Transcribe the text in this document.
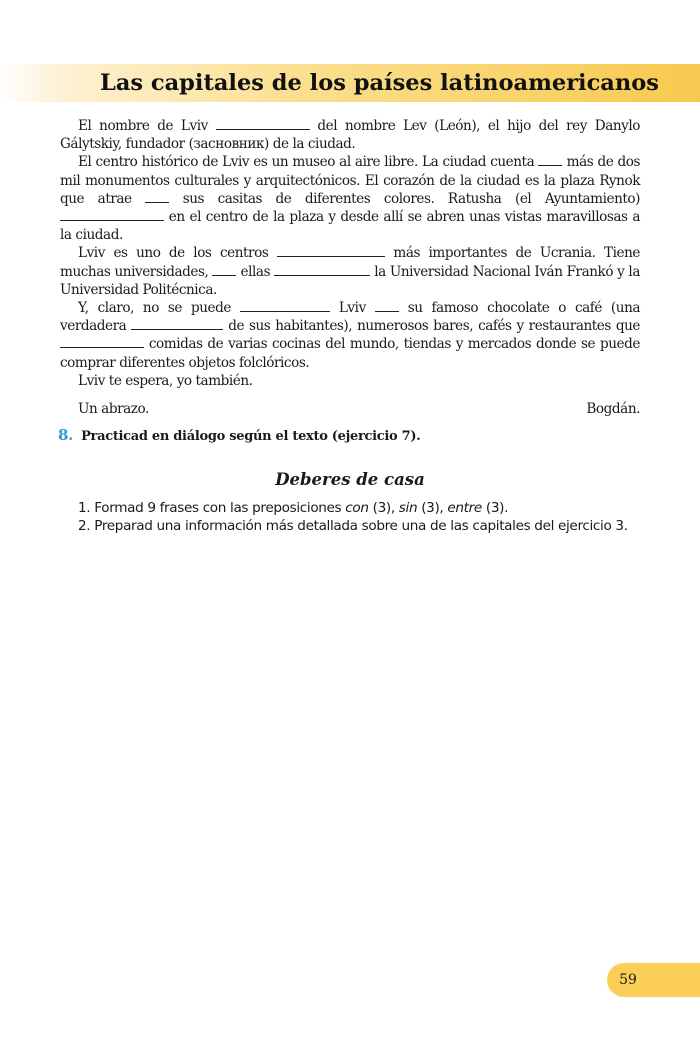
Las capitales de los países latinoamericanos

El nombre de Lviv	del nombre Lev (León), el hijo del rey Danylo Gálytskiy, fundador (засновник) de la ciudad.

El centro histórico de Lviv es un museo al aire libre. La ciudad cuenta más de dos mil monumentos culturales y arquitectónicos. El corazón de la ciudad es la plaza Rynok que atrae	sus casitas de diferentes colores. Ratusha (el Ayuntamiento)  en el centro de la plaza y desde allí se abren unas vistas maravillosas a la ciudad.

Lviv es uno de los centros	más importantes de Ucrania. Tiene muchas universidades, ellas	la Universidad Nacional Iván Frankó y la Universidad Politécnica.

Y, claro, no se puede	Lviv	su famoso chocolate o café (una verdadera	de sus habitantes), numerosos bares, cafés y restaurantes que  comidas de varias cocinas del mundo, tiendas y mercados donde se puede comprar diferentes objetos folclóricos.

Lviv te espera, yo también.

Un abrazo.	Bogdán.
8. Practicad en diálogo según el texto (ejercicio 7).
Deberes de casa

1. Formad 9 frases con las preposiciones con (3), sin (3), entre (3).

2. Preparad una información más detallada sobre una de las capitales del ejercicio 3.

59
